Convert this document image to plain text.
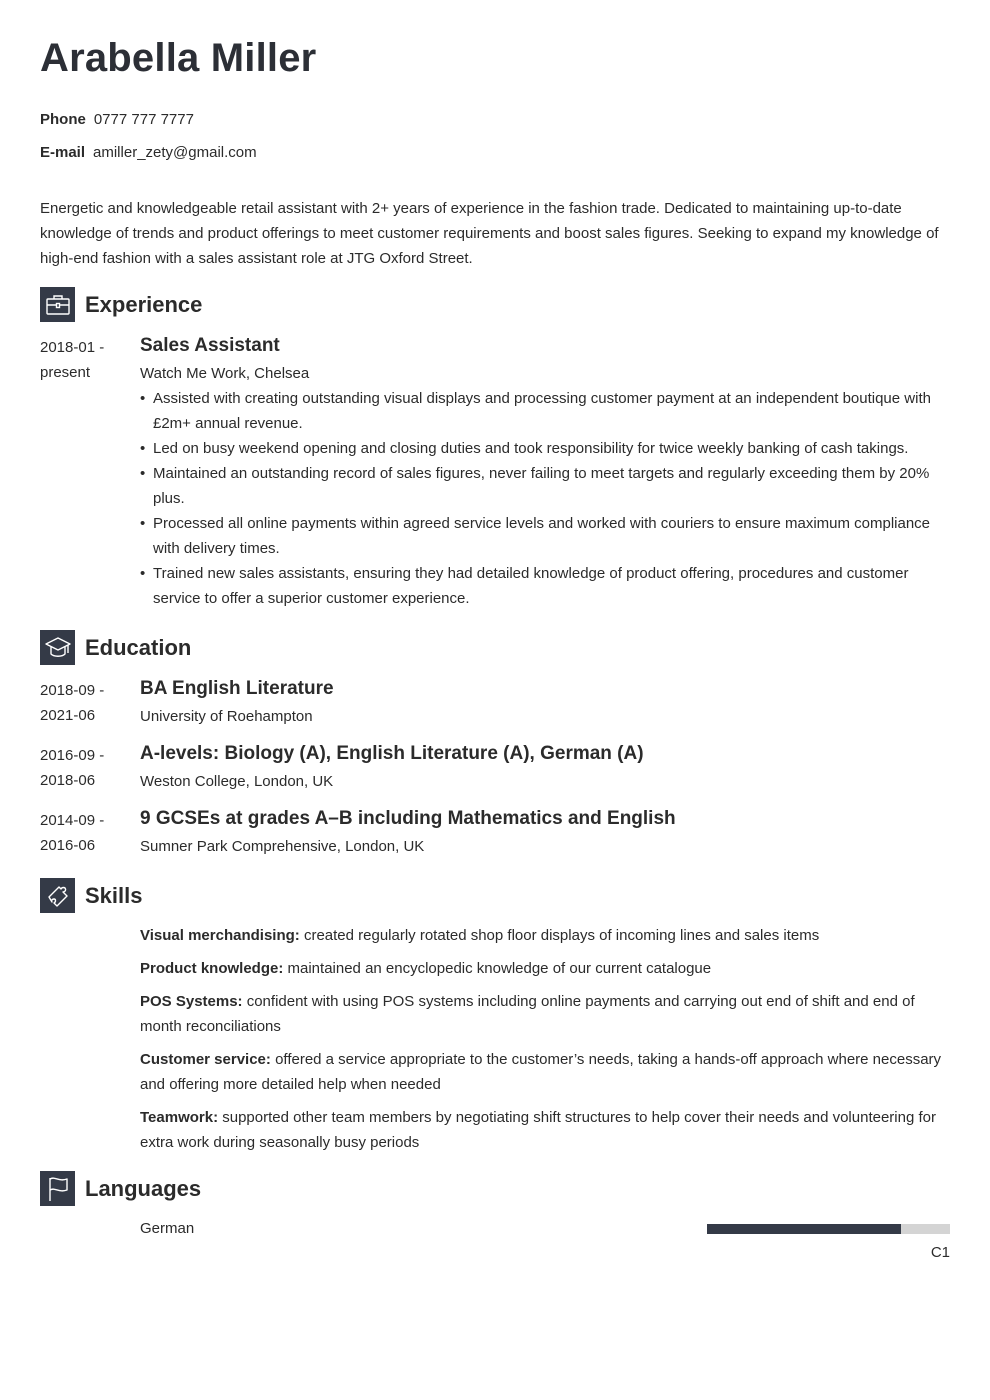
Arabella Miller
Phone 0777 777 7777
E-mail amiller_zety@gmail.com

Energetic and knowledgeable retail assistant with 2+ years of experience in the fashion trade. Dedicated to maintaining up-to-date knowledge of trends and product offerings to meet customer requirements and boost sales figures. Seeking to expand my knowledge of high-end fashion with a sales assistant role at JTG Oxford Street.

Experience
2018-01 -
present
Sales Assistant
Watch Me Work, Chelsea
• Assisted with creating outstanding visual displays and processing customer payment at an independent boutique with £2m+ annual revenue.
• Led on busy weekend opening and closing duties and took responsibility for twice weekly banking of cash takings.
• Maintained an outstanding record of sales figures, never failing to meet targets and regularly exceeding them by 20% plus.
• Processed all online payments within agreed service levels and worked with couriers to ensure maximum compliance with delivery times.
• Trained new sales assistants, ensuring they had detailed knowledge of product offering, procedures and customer service to offer a superior customer experience.
Education
2018-09 -
2021-06
BA English Literature
University of Roehampton
2016-09 -
2018-06
A-levels: Biology (A), English Literature (A), German (A)
Weston College, London, UK
2014-09 -
2016-06
9 GCSEs at grades A–B including Mathematics and English
Sumner Park Comprehensive, London, UK
Skills
Visual merchandising: created regularly rotated shop floor displays of incoming lines and sales items
Product knowledge: maintained an encyclopedic knowledge of our current catalogue
POS Systems: confident with using POS systems including online payments and carrying out end of shift and end of month reconciliations
Customer service: offered a service appropriate to the customer’s needs, taking a hands-off approach where necessary and offering more detailed help when needed
Teamwork: supported other team members by negotiating shift structures to help cover their needs and volunteering for extra work during seasonally busy periods
Languages
German
C1
